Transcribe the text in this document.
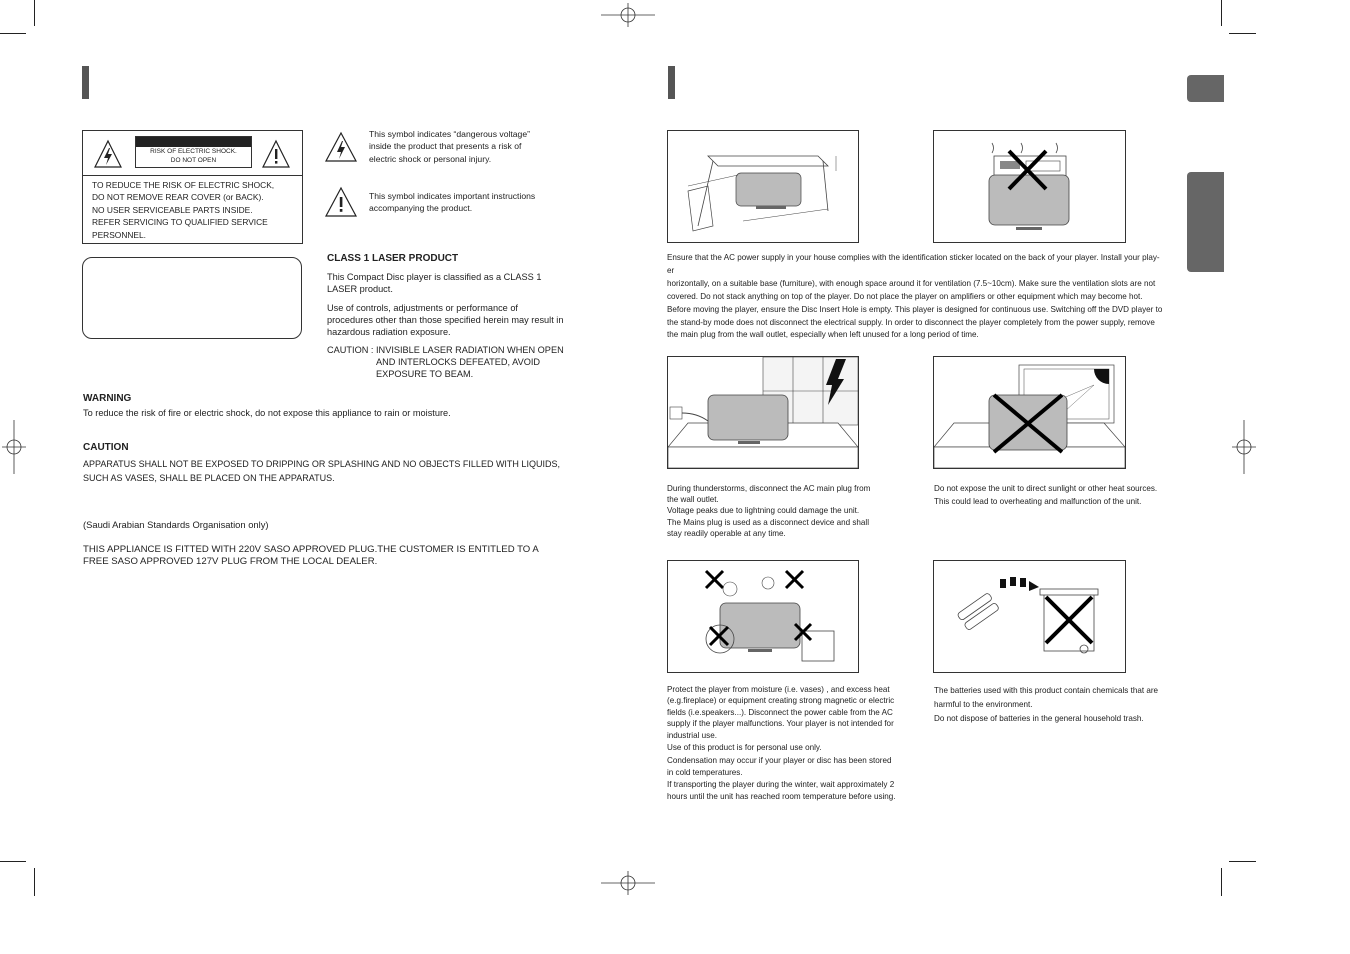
RISK OF ELECTRIC SHOCK.
DO NOT OPEN
TO REDUCE THE RISK OF ELECTRIC SHOCK,
DO NOT REMOVE REAR COVER (or BACK).
NO USER SERVICEABLE PARTS INSIDE.
REFER SERVICING TO QUALIFIED SERVICE
PERSONNEL.
This symbol indicates “dangerous voltage”
inside the product that presents a risk of
electric shock or personal injury.
This symbol indicates important instructions
accompanying the product.
CLASS 1 LASER PRODUCT
This Compact Disc player is classified as a CLASS 1
LASER product.
Use of controls, adjustments or performance of
procedures other than those specified herein may result in
hazardous radiation exposure.
CAUTION : INVISIBLE LASER RADIATION WHEN OPEN
AND INTERLOCKS DEFEATED, AVOID
EXPOSURE TO BEAM.
WARNING
To reduce the risk of fire or electric shock, do not expose this appliance to rain or moisture.
CAUTION
APPARATUS SHALL NOT BE EXPOSED TO DRIPPING OR SPLASHING AND NO OBJECTS FILLED WITH LIQUIDS,
SUCH AS VASES, SHALL BE PLACED ON THE APPARATUS.
(Saudi Arabian Standards Organisation only)
THIS APPLIANCE IS FITTED WITH 220V SASO APPROVED PLUG.THE CUSTOMER IS ENTITLED TO A
FREE SASO APPROVED 127V PLUG FROM THE LOCAL DEALER.
Ensure that the AC power supply in your house complies with the identification sticker located on the back of your player. Install your play-
er
horizontally, on a suitable base (furniture), with enough space around it for ventilation (7.5~10cm). Make sure the ventilation slots are not
covered. Do not stack anything on top of the player. Do not place the player on amplifiers or other equipment which may become hot.
Before moving the player, ensure the Disc Insert Hole is empty. This player is designed for continuous use. Switching off the DVD player to
the stand-by mode does not disconnect the electrical supply. In order to disconnect the player completely from the power supply, remove
the main plug from the wall outlet, especially when left unused for a long period of time.
During thunderstorms, disconnect the AC main plug from
the wall outlet.
Voltage peaks due to lightning could damage the unit.
The Mains plug is used as a disconnect device and shall
stay readily operable at any time.
Do not expose the unit to direct sunlight or other heat sources.
This could lead to overheating and malfunction of the unit.
Protect the player from moisture (i.e. vases) , and excess heat
(e.g.fireplace) or equipment creating strong magnetic or electric
fields (i.e.speakers...). Disconnect the power cable from the AC
supply if the player malfunctions. Your player is not intended for
industrial use.
Use of this product is for personal use only.
Condensation may occur if your player or disc has been stored
in cold temperatures.
If transporting the player during the winter, wait approximately 2
hours until the unit has reached room temperature before using.
The batteries used with this product contain chemicals that are
harmful to the environment.
Do not dispose of batteries in the general household trash.
